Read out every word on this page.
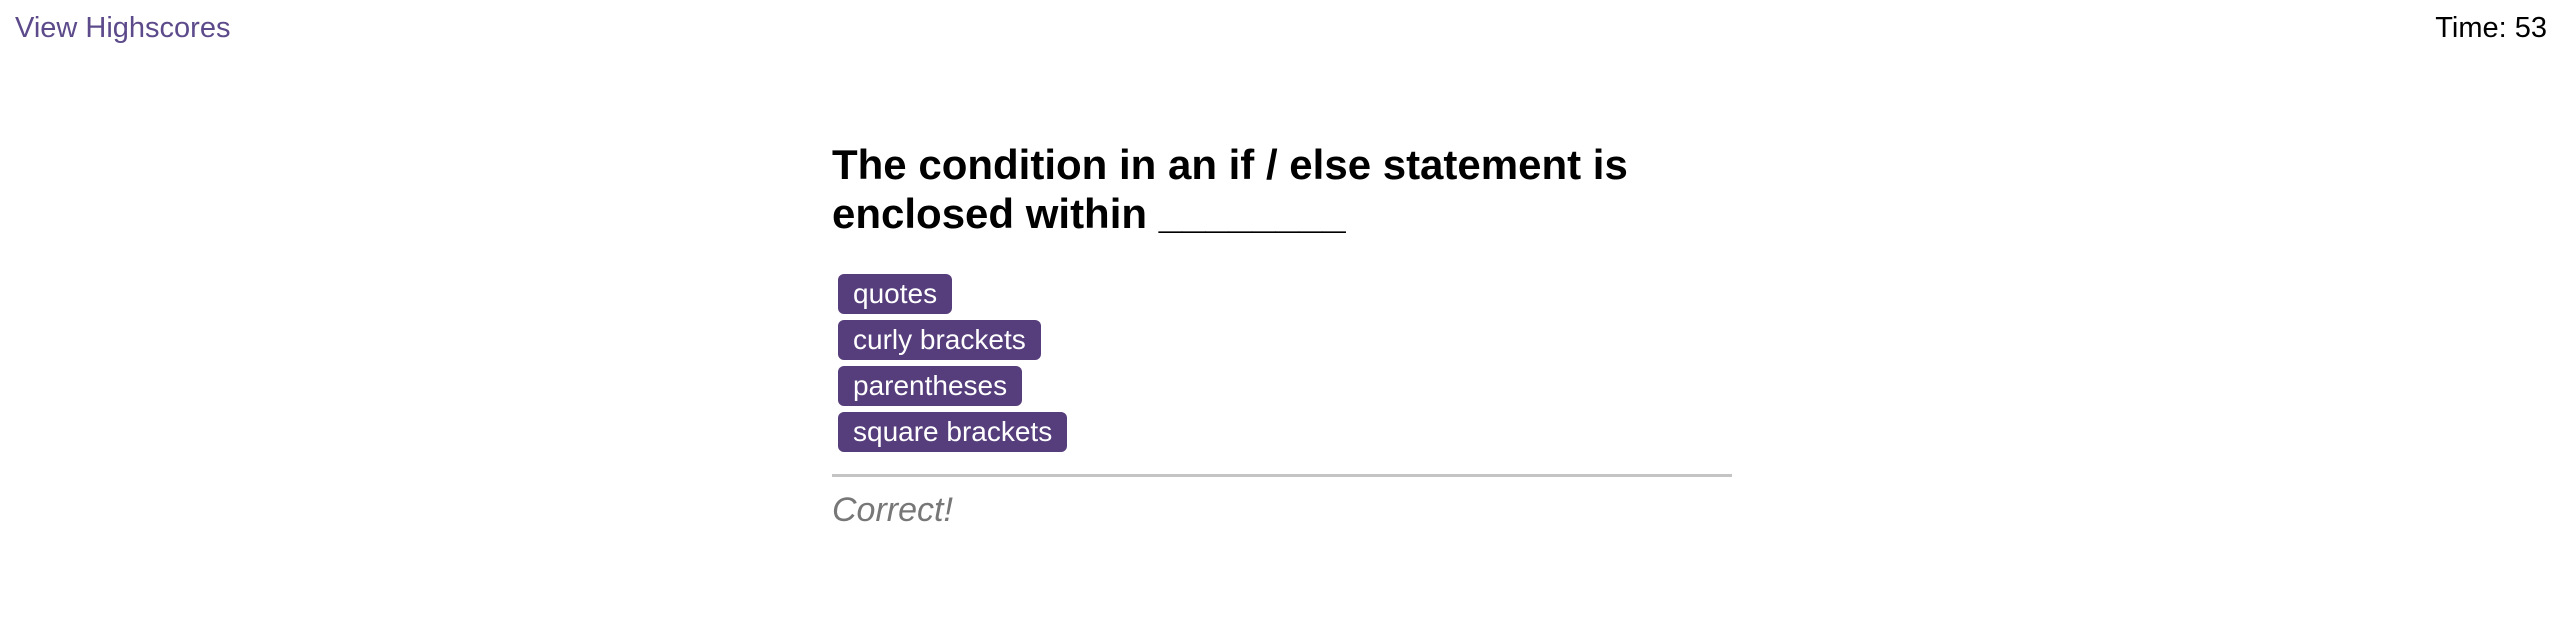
View Highscores	Time: 53
The condition in an if / else statement is enclosed within ________
quotes
curly brackets
parentheses
square brackets

Correct!
